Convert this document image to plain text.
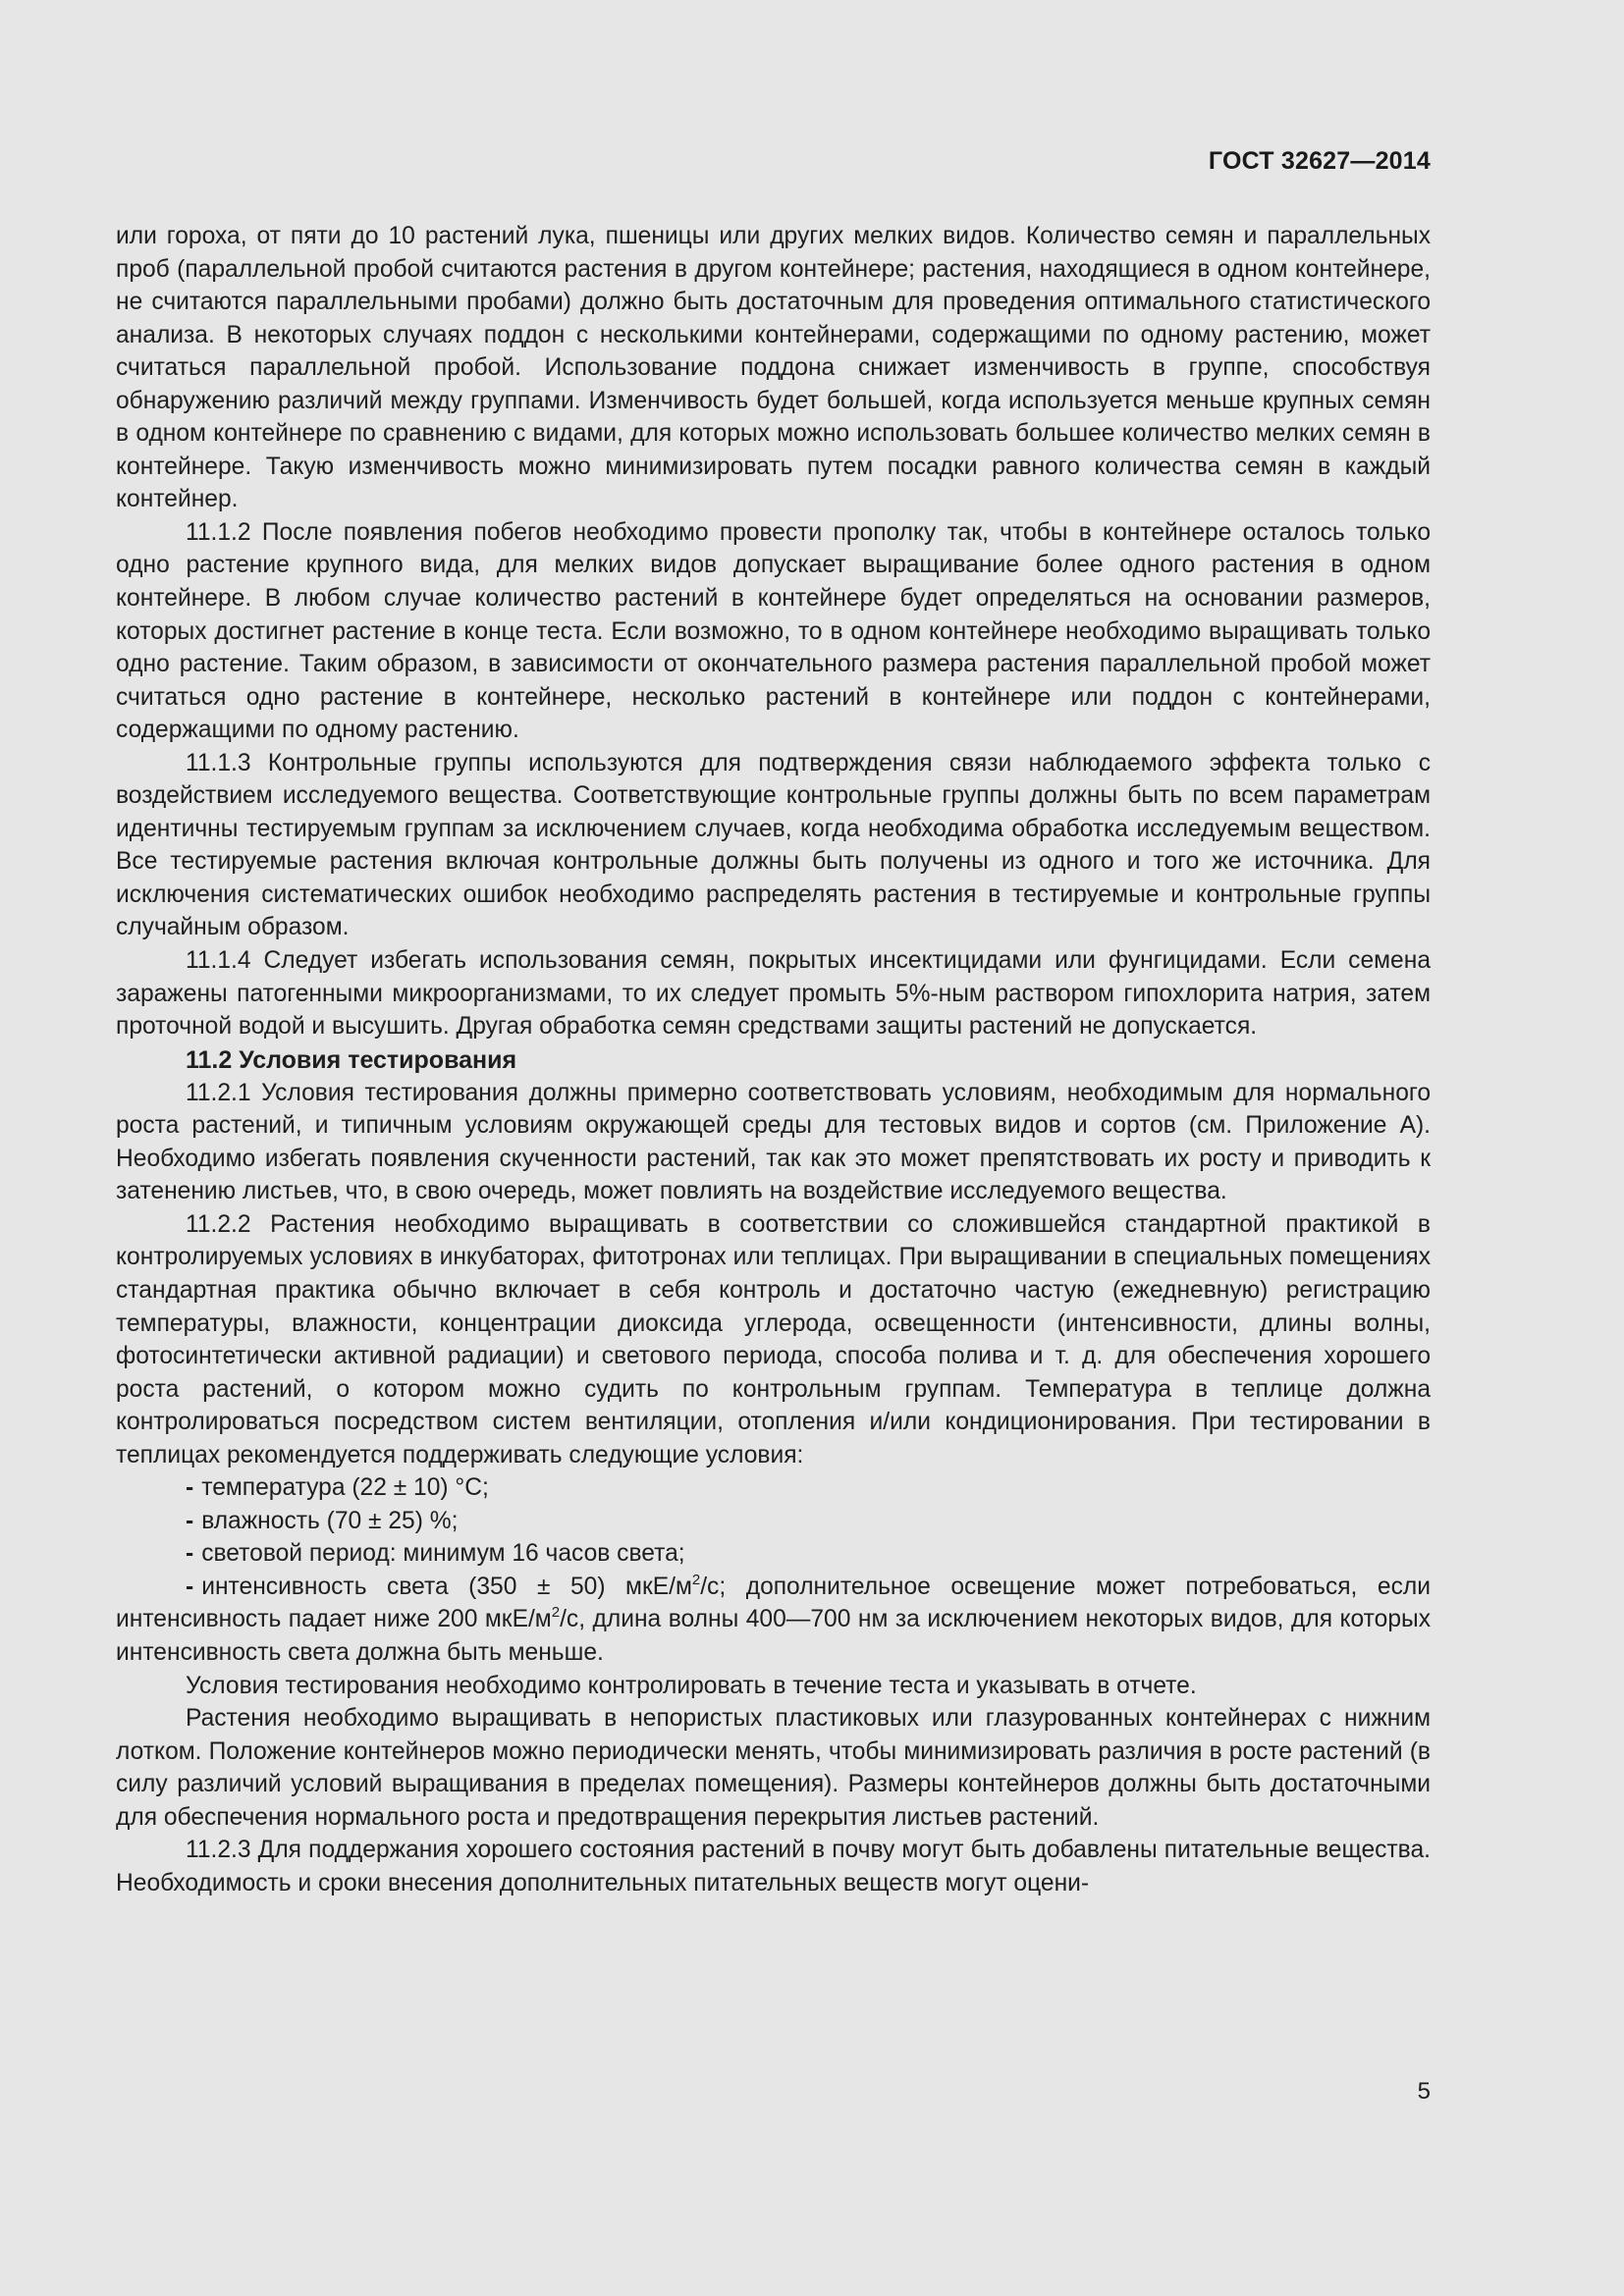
ГОСТ 32627—2014

или гороха, от пяти до 10 растений лука, пшеницы или других мелких видов. Количество семян и параллельных проб (параллельной пробой считаются растения в другом контейнере; растения, находящиеся в одном контейнере, не считаются параллельными пробами) должно быть достаточным для проведения оптимального статистического анализа. В некоторых случаях поддон с несколькими контейнерами, содержащими по одному растению, может считаться параллельной пробой. Использование поддона снижает изменчивость в группе, способствуя обнаружению различий между группами. Изменчивость будет большей, когда используется меньше крупных семян в одном контейнере по сравнению с видами, для которых можно использовать большее количество мелких семян в контейнере. Такую изменчивость можно минимизировать путем посадки равного количества семян в каждый контейнер.

11.1.2 После появления побегов необходимо провести прополку так, чтобы в контейнере осталось только одно растение крупного вида, для мелких видов допускает выращивание более одного растения в одном контейнере. В любом случае количество растений в контейнере будет определяться на основании размеров, которых достигнет растение в конце теста. Если возможно, то в одном контейнере необходимо выращивать только одно растение. Таким образом, в зависимости от окончательного размера растения параллельной пробой может считаться одно растение в контейнере, несколько растений в контейнере или поддон с контейнерами, содержащими по одному растению.

11.1.3 Контрольные группы используются для подтверждения связи наблюдаемого эффекта только с воздействием исследуемого вещества. Соответствующие контрольные группы должны быть по всем параметрам идентичны тестируемым группам за исключением случаев, когда необходима обработка исследуемым веществом. Все тестируемые растения включая контрольные должны быть получены из одного и того же источника. Для исключения систематических ошибок необходимо распределять растения в тестируемые и контрольные группы случайным образом.

11.1.4 Следует избегать использования семян, покрытых инсектицидами или фунгицидами. Если семена заражены патогенными микроорганизмами, то их следует промыть 5%-ным раствором гипохлорита натрия, затем проточной водой и высушить. Другая обработка семян средствами защиты растений не допускается.

11.2 Условия тестирования

11.2.1 Условия тестирования должны примерно соответствовать условиям, необходимым для нормального роста растений, и типичным условиям окружающей среды для тестовых видов и сортов (см. Приложение А). Необходимо избегать появления скученности растений, так как это может препятствовать их росту и приводить к затенению листьев, что, в свою очередь, может повлиять на воздействие исследуемого вещества.

11.2.2 Растения необходимо выращивать в соответствии со сложившейся стандартной практикой в контролируемых условиях в инкубаторах, фитотронах или теплицах. При выращивании в специальных помещениях стандартная практика обычно включает в себя контроль и достаточно частую (ежедневную) регистрацию температуры, влажности, концентрации диоксида углерода, освещенности (интенсивности, длины волны, фотосинтетически активной радиации) и светового периода, способа полива и т. д. для обеспечения хорошего роста растений, о котором можно судить по контрольным группам. Температура в теплице должна контролироваться посредством систем вентиляции, отопления и/или кондиционирования. При тестировании в теплицах рекомендуется поддерживать следующие условия:

- температура (22 ± 10) °С;

- влажность (70 ± 25) %;

- световой период: минимум 16 часов света;

- интенсивность света (350 ± 50) мкЕ/$м^2/с$; дополнительное освещение может потребоваться, если интенсивность падает ниже 200 мкЕ/$м^2/с$, длина волны 400—700 нм за исключением некоторых видов, для которых интенсивность света должна быть меньше.

Условия тестирования необходимо контролировать в течение теста и указывать в отчете.

Растения необходимо выращивать в непористых пластиковых или глазурованных контейнерах с нижним лотком. Положение контейнеров можно периодически менять, чтобы минимизировать различия в росте растений (в силу различий условий выращивания в пределах помещения). Размеры контейнеров должны быть достаточными для обеспечения нормального роста и предотвращения перекрытия листьев растений.

11.2.3 Для поддержания хорошего состояния растений в почву могут быть добавлены питательные вещества. Необходимость и сроки внесения дополнительных питательных веществ могут оцени-

5
